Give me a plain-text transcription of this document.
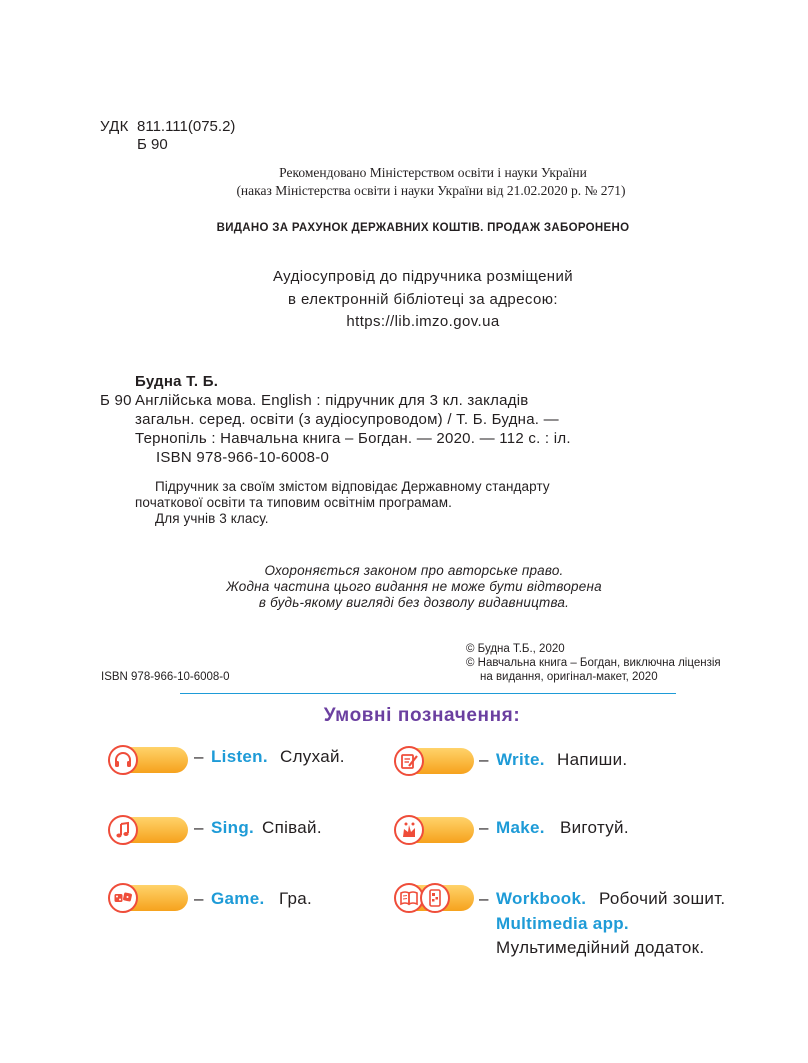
УДК 811.111(075.2)
Б 90
Рекомендовано Міністерством освіти і науки України
(наказ Міністерства освіти і науки України від 21.02.2020 р. № 271)
ВИДАНО ЗА РАХУНОК ДЕРЖАВНИХ КОШТІВ. ПРОДАЖ ЗАБОРОНЕНО
Аудіосупровід до підручника розміщений
в електронній бібліотеці за адресою:
https://lib.imzo.gov.ua
Будна Т. Б.
Б 90 Англійська мова. English : підручник для 3 кл. закладів
загальн. серед. освіти (з аудіосупроводом) / Т. Б. Будна. —
Тернопіль : Навчальна книга – Богдан. — 2020. — 112 с. : іл.
ISBN 978-966-10-6008-0
Підручник за своїм змістом відповідає Державному стандарту
початкової освіти та типовим освітнім програмам.
Для учнів 3 класу.
Охороняється законом про авторське право.
Жодна частина цього видання не може бути відтворена
в будь-якому вигляді без дозволу видавництва.
© Будна Т.Б., 2020
© Навчальна книга – Богдан, виключна ліцензія
на видання, оригінал-макет, 2020
ISBN 978-966-10-6008-0
Умовні позначення:
– Listen. Слухай.
– Sing. Співай.
– Game. Гра.
– Write. Напиши.
– Make. Виготуй.
– Workbook. Робочий зошит.
Multimedia app.
Мультимедійний додаток.
